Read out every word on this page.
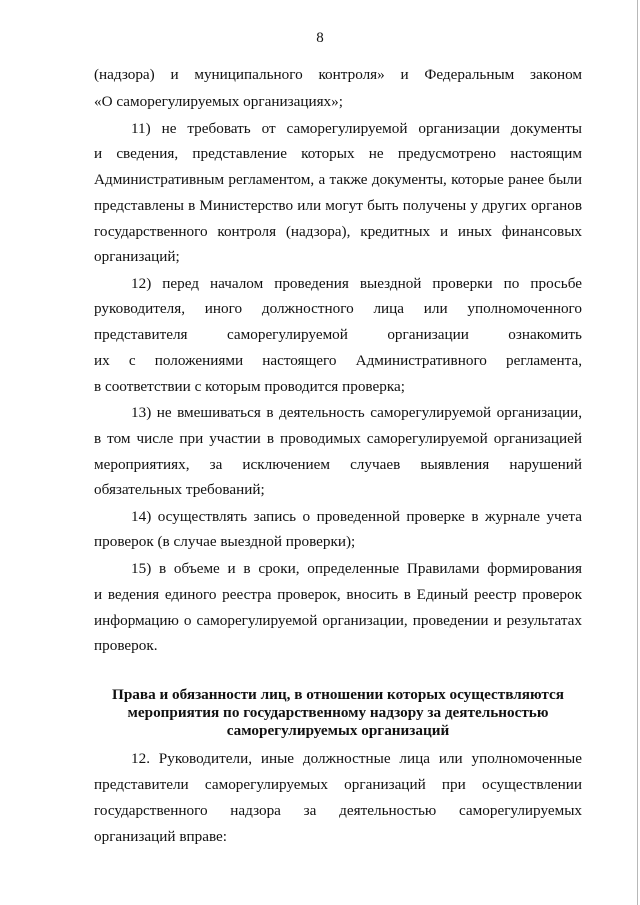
8
(надзора) и муниципального контроля» и Федеральным законом
«О саморегулируемых организациях»;
11) не требовать от саморегулируемой организации документы
и сведения, представление которых не предусмотрено настоящим
Административным регламентом, а также документы, которые ранее были
представлены в Министерство или могут быть получены у других органов
государственного контроля (надзора), кредитных и иных финансовых
организаций;
12) перед началом проведения выездной проверки по просьбе
руководителя, иного должностного лица или уполномоченного
представителя саморегулируемой организации ознакомить
их с положениями настоящего Административного регламента,
в соответствии с которым проводится проверка;
13) не вмешиваться в деятельность саморегулируемой организации,
в том числе при участии в проводимых саморегулируемой организацией
мероприятиях, за исключением случаев выявления нарушений
обязательных требований;
14) осуществлять запись о проведенной проверке в журнале учета
проверок (в случае выездной проверки);
15) в объеме и в сроки, определенные Правилами формирования
и ведения единого реестра проверок, вносить в Единый реестр проверок
информацию о саморегулируемой организации, проведении и результатах
проверок.
Права и обязанности лиц, в отношении которых осуществляются
мероприятия по государственному надзору за деятельностью
саморегулируемых организаций
12. Руководители, иные должностные лица или уполномоченные
представители саморегулируемых организаций при осуществлении
государственного надзора за деятельностью саморегулируемых
организаций вправе:
